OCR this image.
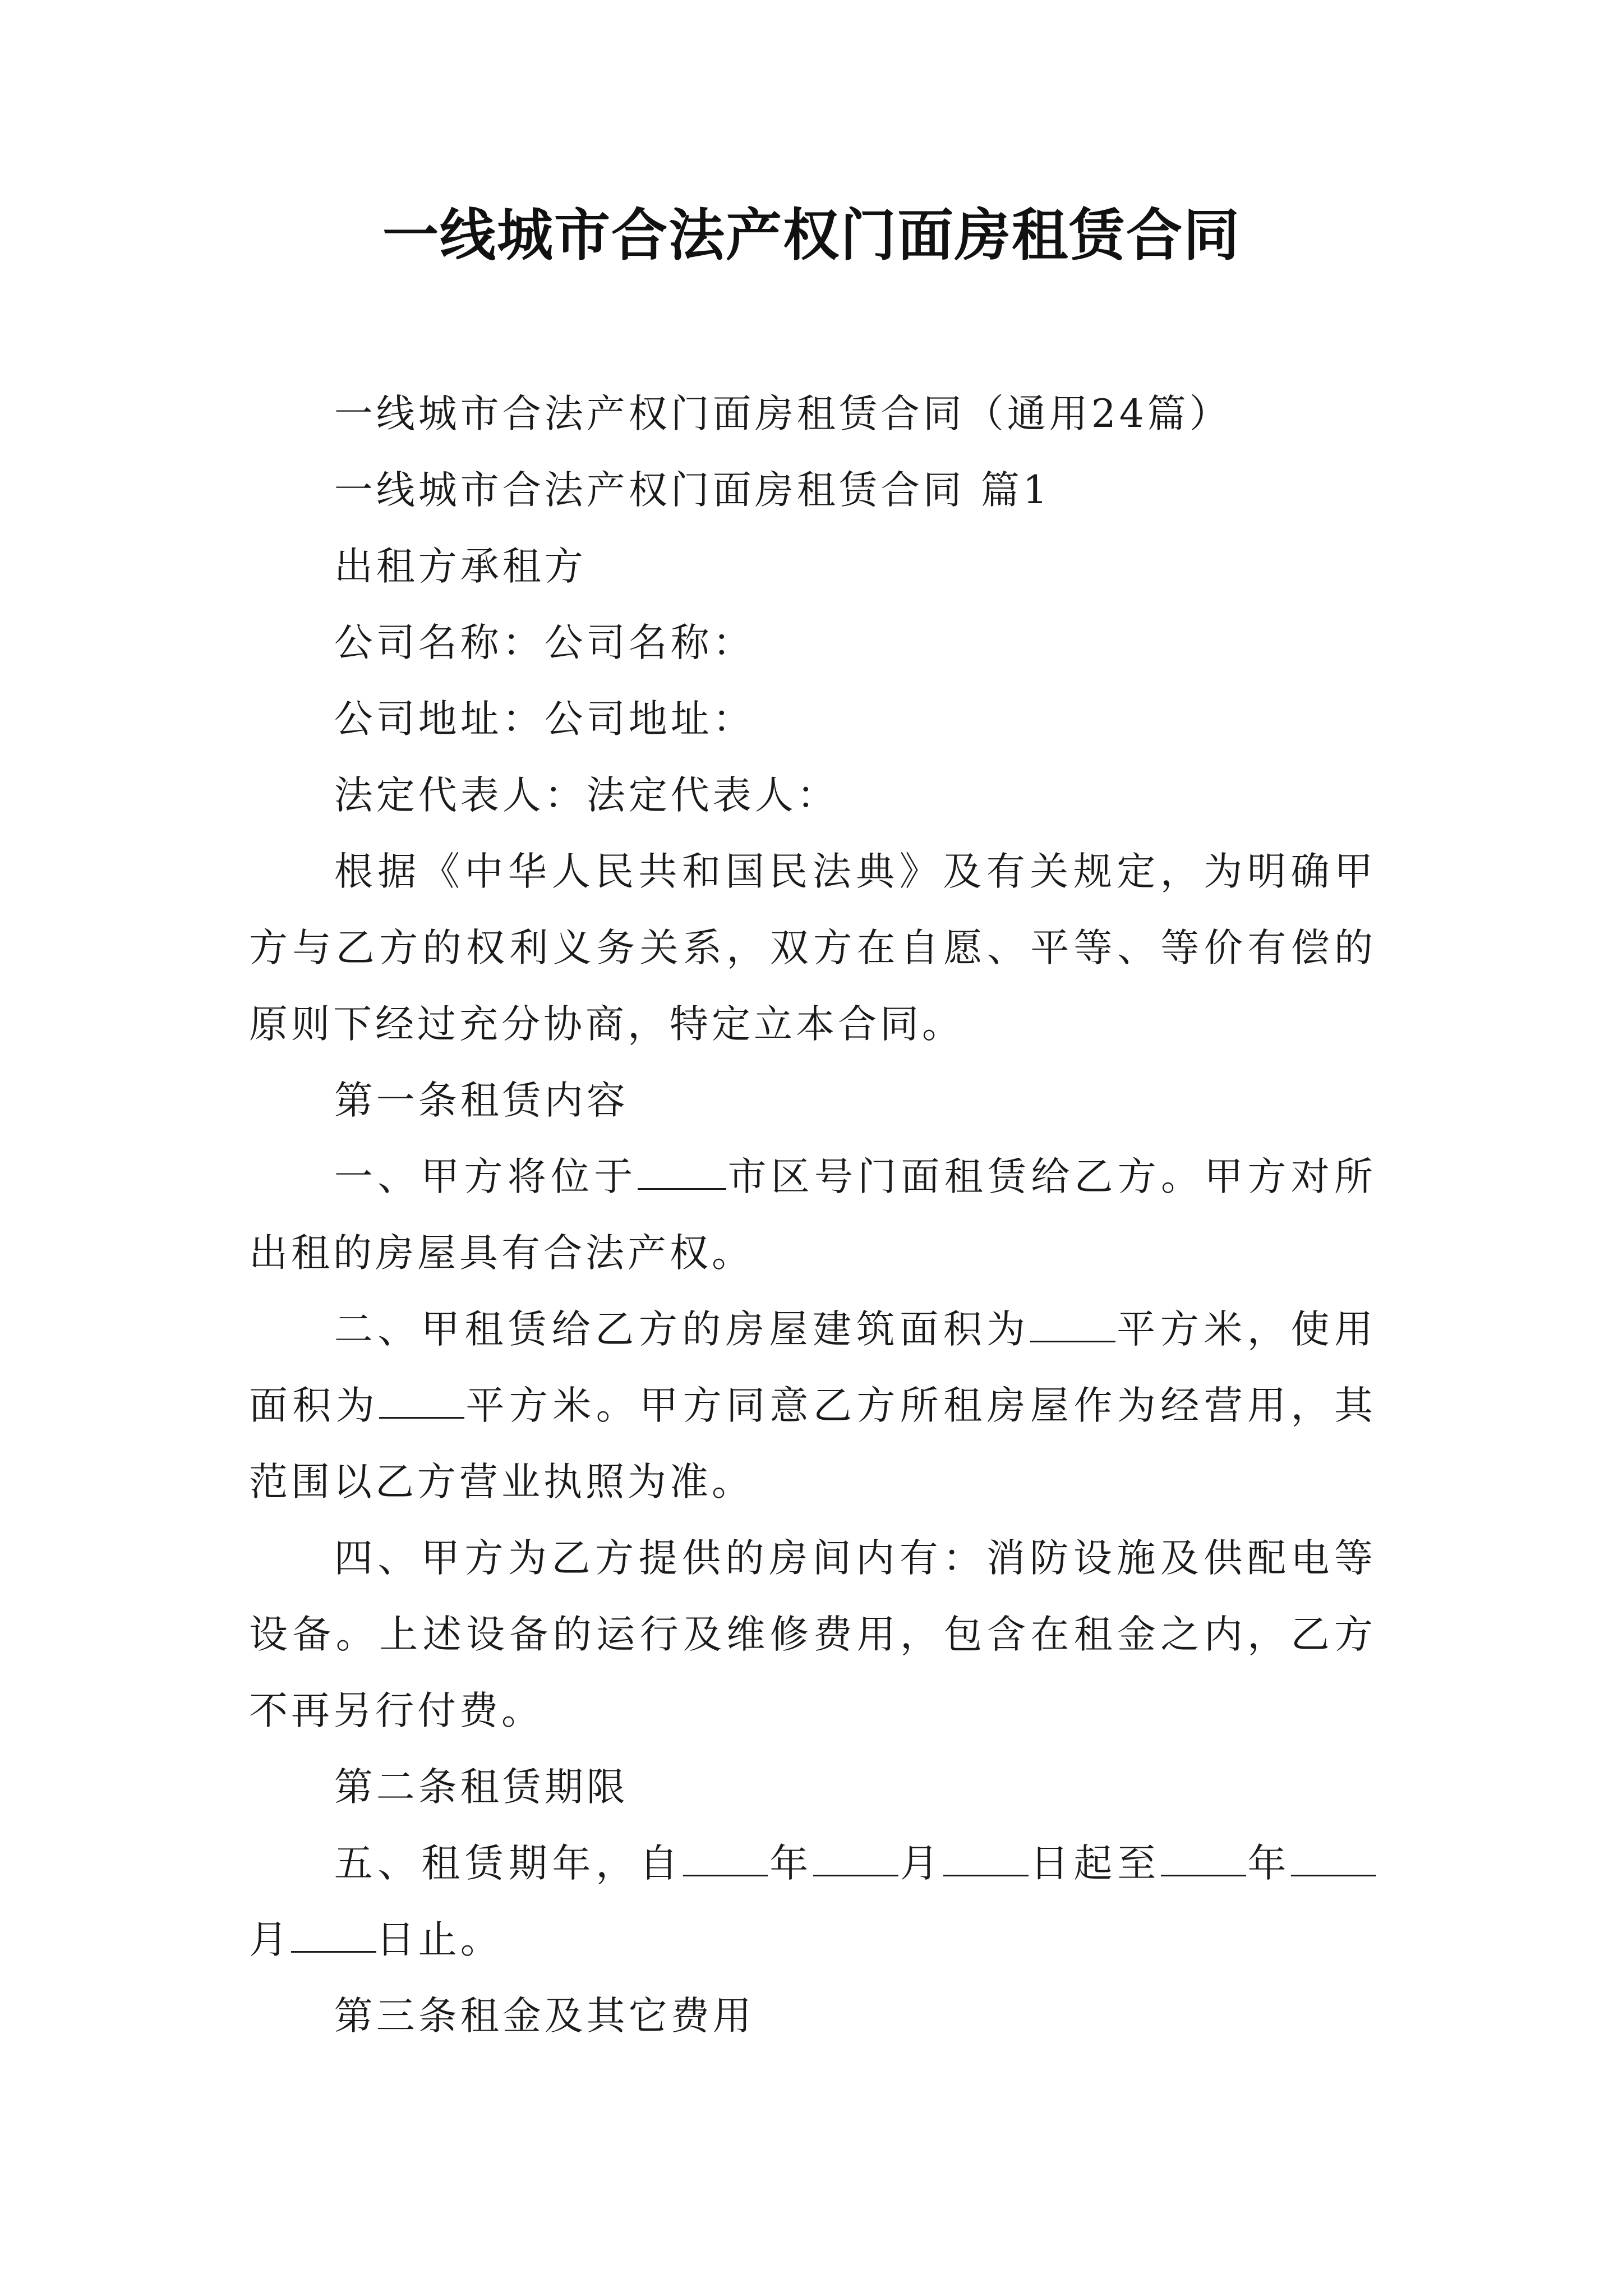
一线城市合法产权门面房租赁合同

一线城市合法产权门面房租赁合同（通用24篇）

一线城市合法产权门面房租赁合同 篇1

出租方承租方

公司名称：公司名称：

公司地址：公司地址：

法定代表人：法定代表人：

根据《中华人民共和国民法典》及有关规定，为明确甲方与乙方的权利义务关系，双方在自愿、平等、等价有偿的原则下经过充分协商，特定立本合同。

第一条租赁内容

一、甲方将位于 市区号门面租赁给乙方。甲方对所出租的房屋具有合法产权。

二、甲租赁给乙方的房屋建筑面积为 平方米，使用面积为 平方米。甲方同意乙方所租房屋作为经营用，其范围以乙方营业执照为准。

四、甲方为乙方提供的房间内有：消防设施及供配电等设备。上述设备的运行及维修费用，包含在租金之内，乙方不再另行付费。

第二条租赁期限

五、租赁期年，自 年 月 日起至 年月 日止。

第三条租金及其它费用
